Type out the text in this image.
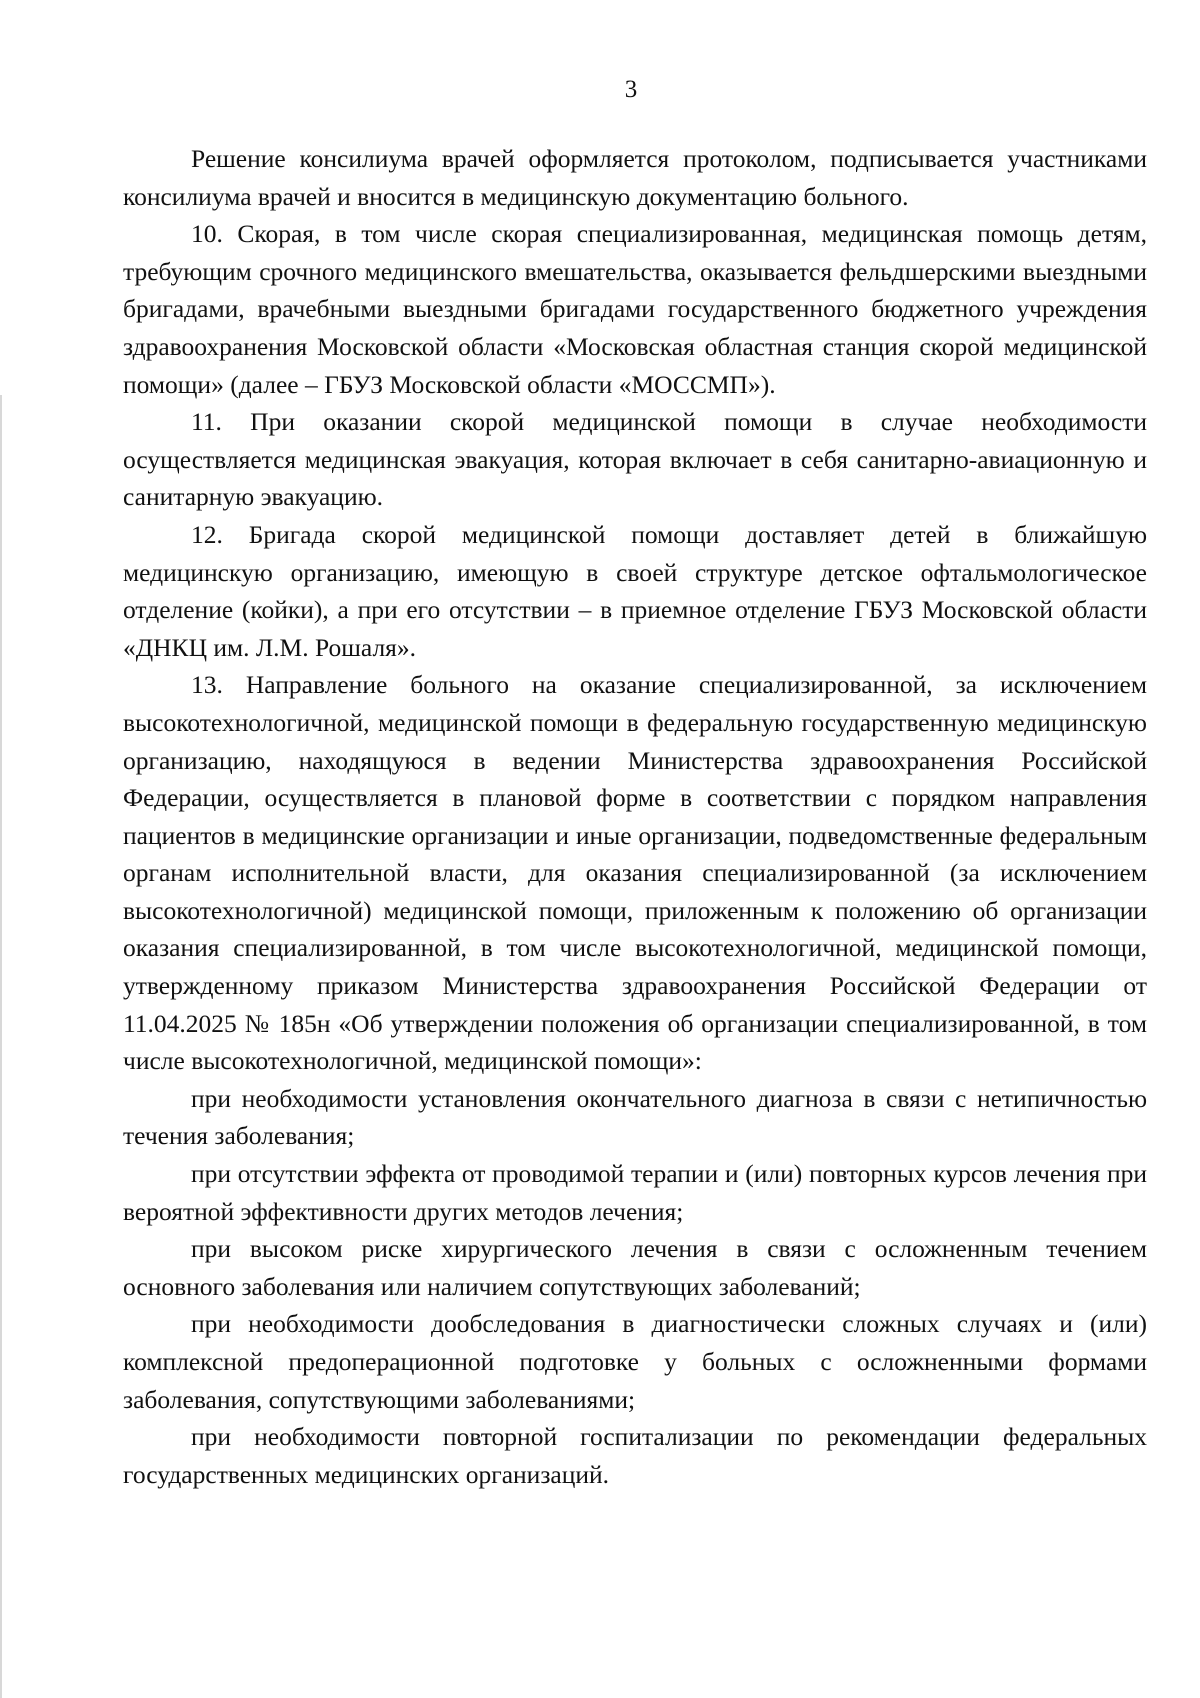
3

Решение консилиума врачей оформляется протоколом, подписывается участниками консилиума врачей и вносится в медицинскую документацию больного.

10. Скорая, в том числе скорая специализированная, медицинская помощь детям, требующим срочного медицинского вмешательства, оказывается фельдшерскими выездными бригадами, врачебными выездными бригадами государственного бюджетного учреждения здравоохранения Московской области «Московская областная станция скорой медицинской помощи» (далее – ГБУЗ Московской области «МОССМП»).

11. При оказании скорой медицинской помощи в случае необходимости осуществляется медицинская эвакуация, которая включает в себя санитарно-авиационную и санитарную эвакуацию.

12. Бригада скорой медицинской помощи доставляет детей в ближайшую медицинскую организацию, имеющую в своей структуре детское офтальмологическое отделение (койки), а при его отсутствии – в приемное отделение ГБУЗ Московской области «ДНКЦ им. Л.М. Рошаля».

13. Направление больного на оказание специализированной, за исключением высокотехнологичной, медицинской помощи в федеральную государственную медицинскую организацию, находящуюся в ведении Министерства здравоохранения Российской Федерации, осуществляется в плановой форме в соответствии с порядком направления пациентов в медицинские организации и иные организации, подведомственные федеральным органам исполнительной власти, для оказания специализированной (за исключением высокотехнологичной) медицинской помощи, приложенным к положению об организации оказания специализированной, в том числе высокотехнологичной, медицинской помощи, утвержденному приказом Министерства здравоохранения Российской Федерации от 11.04.2025 № 185н «Об утверждении положения об организации специализированной, в том числе высокотехнологичной, медицинской помощи»:

при необходимости установления окончательного диагноза в связи с нетипичностью течения заболевания;

при отсутствии эффекта от проводимой терапии и (или) повторных курсов лечения при вероятной эффективности других методов лечения;

при высоком риске хирургического лечения в связи с осложненным течением основного заболевания или наличием сопутствующих заболеваний;

при необходимости дообследования в диагностически сложных случаях и (или) комплексной предоперационной подготовке у больных с осложненными формами заболевания, сопутствующими заболеваниями;

при необходимости повторной госпитализации по рекомендации федеральных государственных медицинских организаций.
